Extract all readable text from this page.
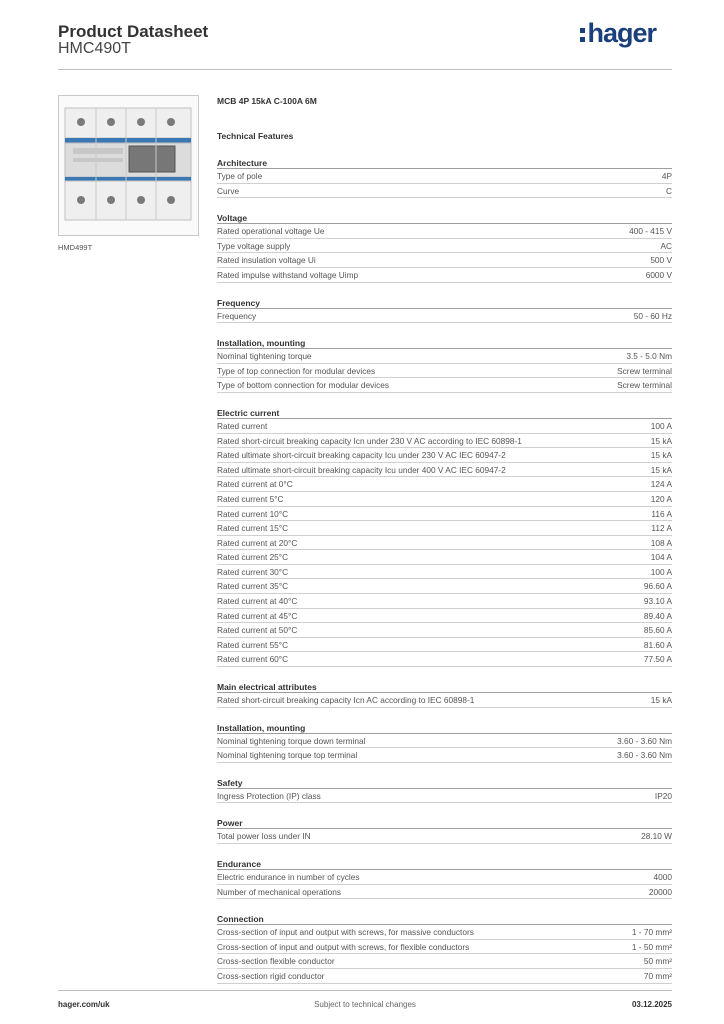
Product Datasheet
HMC490T
hager
HMD499T
MCB 4P 15kA C-100A 6M
Technical Features
Architecture
Type of pole	4P
Curve	C
Voltage
Rated operational voltage Ue	400 - 415 V
Type voltage supply	AC
Rated insulation voltage Ui	500 V
Rated impulse withstand voltage Uimp	6000 V
Frequency
Frequency	50 - 60 Hz
Installation, mounting
Nominal tightening torque	3.5 - 5.0 Nm
Type of top connection for modular devices	Screw terminal
Type of bottom connection for modular devices	Screw terminal
Electric current
Rated current	100 A
Rated short-circuit breaking capacity Icn under 230 V AC according to IEC 60898-1	15 kA
Rated ultimate short-circuit breaking capacity Icu under 230 V AC IEC 60947-2	15 kA
Rated ultimate short-circuit breaking capacity Icu under 400 V AC IEC 60947-2	15 kA
Rated current at 0°C	124 A
Rated current 5°C	120 A
Rated current 10°C	116 A
Rated current 15°C	112 A
Rated current at 20°C	108 A
Rated current 25°C	104 A
Rated current 30°C	100 A
Rated current 35°C	96.60 A
Rated current at 40°C	93.10 A
Rated current at 45°C	89.40 A
Rated current at 50°C	85.60 A
Rated current 55°C	81.60 A
Rated current 60°C	77.50 A
Main electrical attributes
Rated short-circuit breaking capacity Icn AC according to IEC 60898-1	15 kA
Installation, mounting
Nominal tightening torque down terminal	3.60 - 3.60 Nm
Nominal tightening torque top terminal	3.60 - 3.60 Nm
Safety
Ingress Protection (IP) class	IP20
Power
Total power loss under IN	28.10 W
Endurance
Electric endurance in number of cycles	4000
Number of mechanical operations	20000
Connection
Cross-section of input and output with screws, for massive conductors	1 - 70 mm²
Cross-section of input and output with screws, for flexible conductors	1 - 50 mm²
Cross-section flexible conductor	50 mm²
Cross-section rigid conductor	70 mm²
hager.com/uk	Subject to technical changes	03.12.2025
